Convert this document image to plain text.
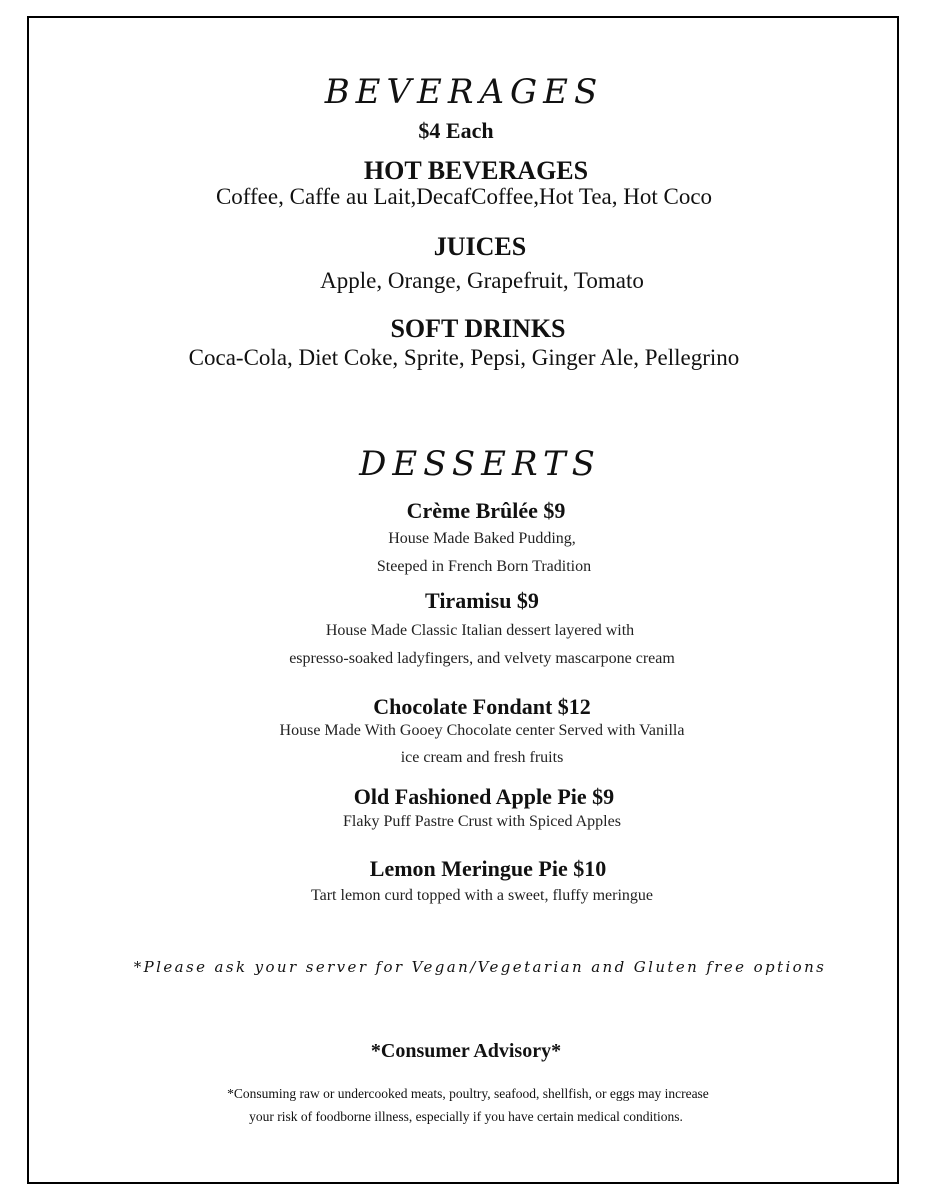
BEVERAGES
$4 Each
HOT BEVERAGES
Coffee, Caffe au Lait,DecafCoffee,Hot Tea, Hot Coco
JUICES
Apple, Orange, Grapefruit, Tomato
SOFT DRINKS
Coca-Cola, Diet Coke, Sprite, Pepsi, Ginger Ale, Pellegrino
DESSERTS
Crème Brûlée $9
House Made Baked Pudding,
Steeped in French Born Tradition
Tiramisu $9
House Made Classic Italian dessert layered with
espresso-soaked ladyfingers, and velvety mascarpone cream
Chocolate Fondant $12
House Made With Gooey Chocolate center Served with Vanilla
ice cream and fresh fruits
Old Fashioned Apple Pie $9
Flaky Puff Pastre Crust with Spiced Apples
Lemon Meringue Pie $10
Tart lemon curd topped with a sweet, fluffy meringue
*Please ask your server for Vegan/Vegetarian and Gluten free options
*Consumer Advisory*
*Consuming raw or undercooked meats, poultry, seafood, shellfish, or eggs may increase
your risk of foodborne illness, especially if you have certain medical conditions.
